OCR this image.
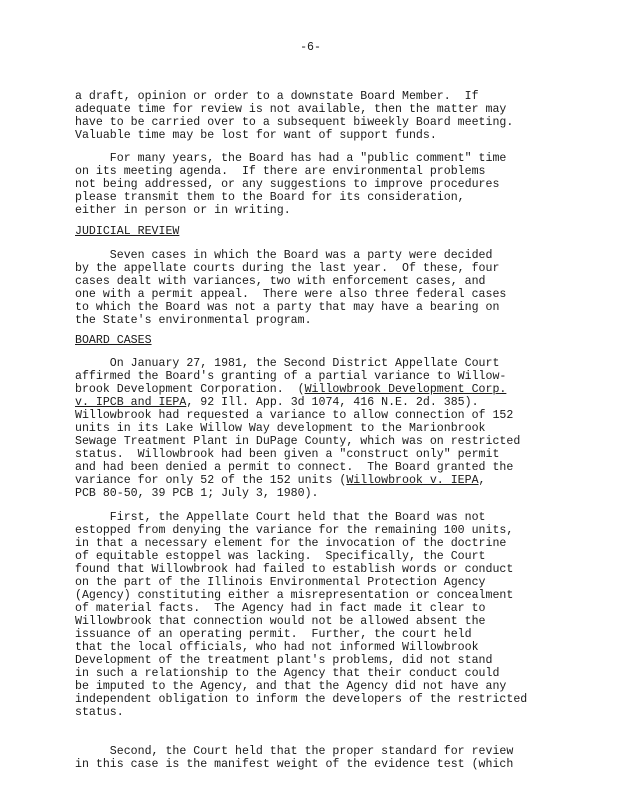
-6-
a draft, opinion or order to a downstate Board Member.  If
adequate time for review is not available, then the matter may
have to be carried over to a subsequent biweekly Board meeting.
Valuable time may be lost for want of support funds.
For many years, the Board has had a "public comment" time
on its meeting agenda.  If there are environmental problems
not being addressed, or any suggestions to improve procedures
please transmit them to the Board for its consideration,
either in person or in writing.
JUDICIAL REVIEW
Seven cases in which the Board was a party were decided
by the appellate courts during the last year.  Of these, four
cases dealt with variances, two with enforcement cases, and
one with a permit appeal.  There were also three federal cases
to which the Board was not a party that may have a bearing on
the State's environmental program.
BOARD CASES
On January 27, 1981, the Second District Appellate Court
affirmed the Board's granting of a partial variance to Willow-
brook Development Corporation.  (Willowbrook Development Corp.
v. IPCB and IEPA, 92 Ill. App. 3d 1074, 416 N.E. 2d. 385).
Willowbrook had requested a variance to allow connection of 152
units in its Lake Willow Way development to the Marionbrook
Sewage Treatment Plant in DuPage County, which was on restricted
status.  Willowbrook had been given a "construct only" permit
and had been denied a permit to connect.  The Board granted the
variance for only 52 of the 152 units (Willowbrook v. IEPA,
PCB 80-50, 39 PCB 1; July 3, 1980).
First, the Appellate Court held that the Board was not
estopped from denying the variance for the remaining 100 units,
in that a necessary element for the invocation of the doctrine
of equitable estoppel was lacking.  Specifically, the Court
found that Willowbrook had failed to establish words or conduct
on the part of the Illinois Environmental Protection Agency
(Agency) constituting either a misrepresentation or concealment
of material facts.  The Agency had in fact made it clear to
Willowbrook that connection would not be allowed absent the
issuance of an operating permit.  Further, the court held
that the local officials, who had not informed Willowbrook
Development of the treatment plant's problems, did not stand
in such a relationship to the Agency that their conduct could
be imputed to the Agency, and that the Agency did not have any
independent obligation to inform the developers of the restricted
status.
Second, the Court held that the proper standard for review
in this case is the manifest weight of the evidence test (which
